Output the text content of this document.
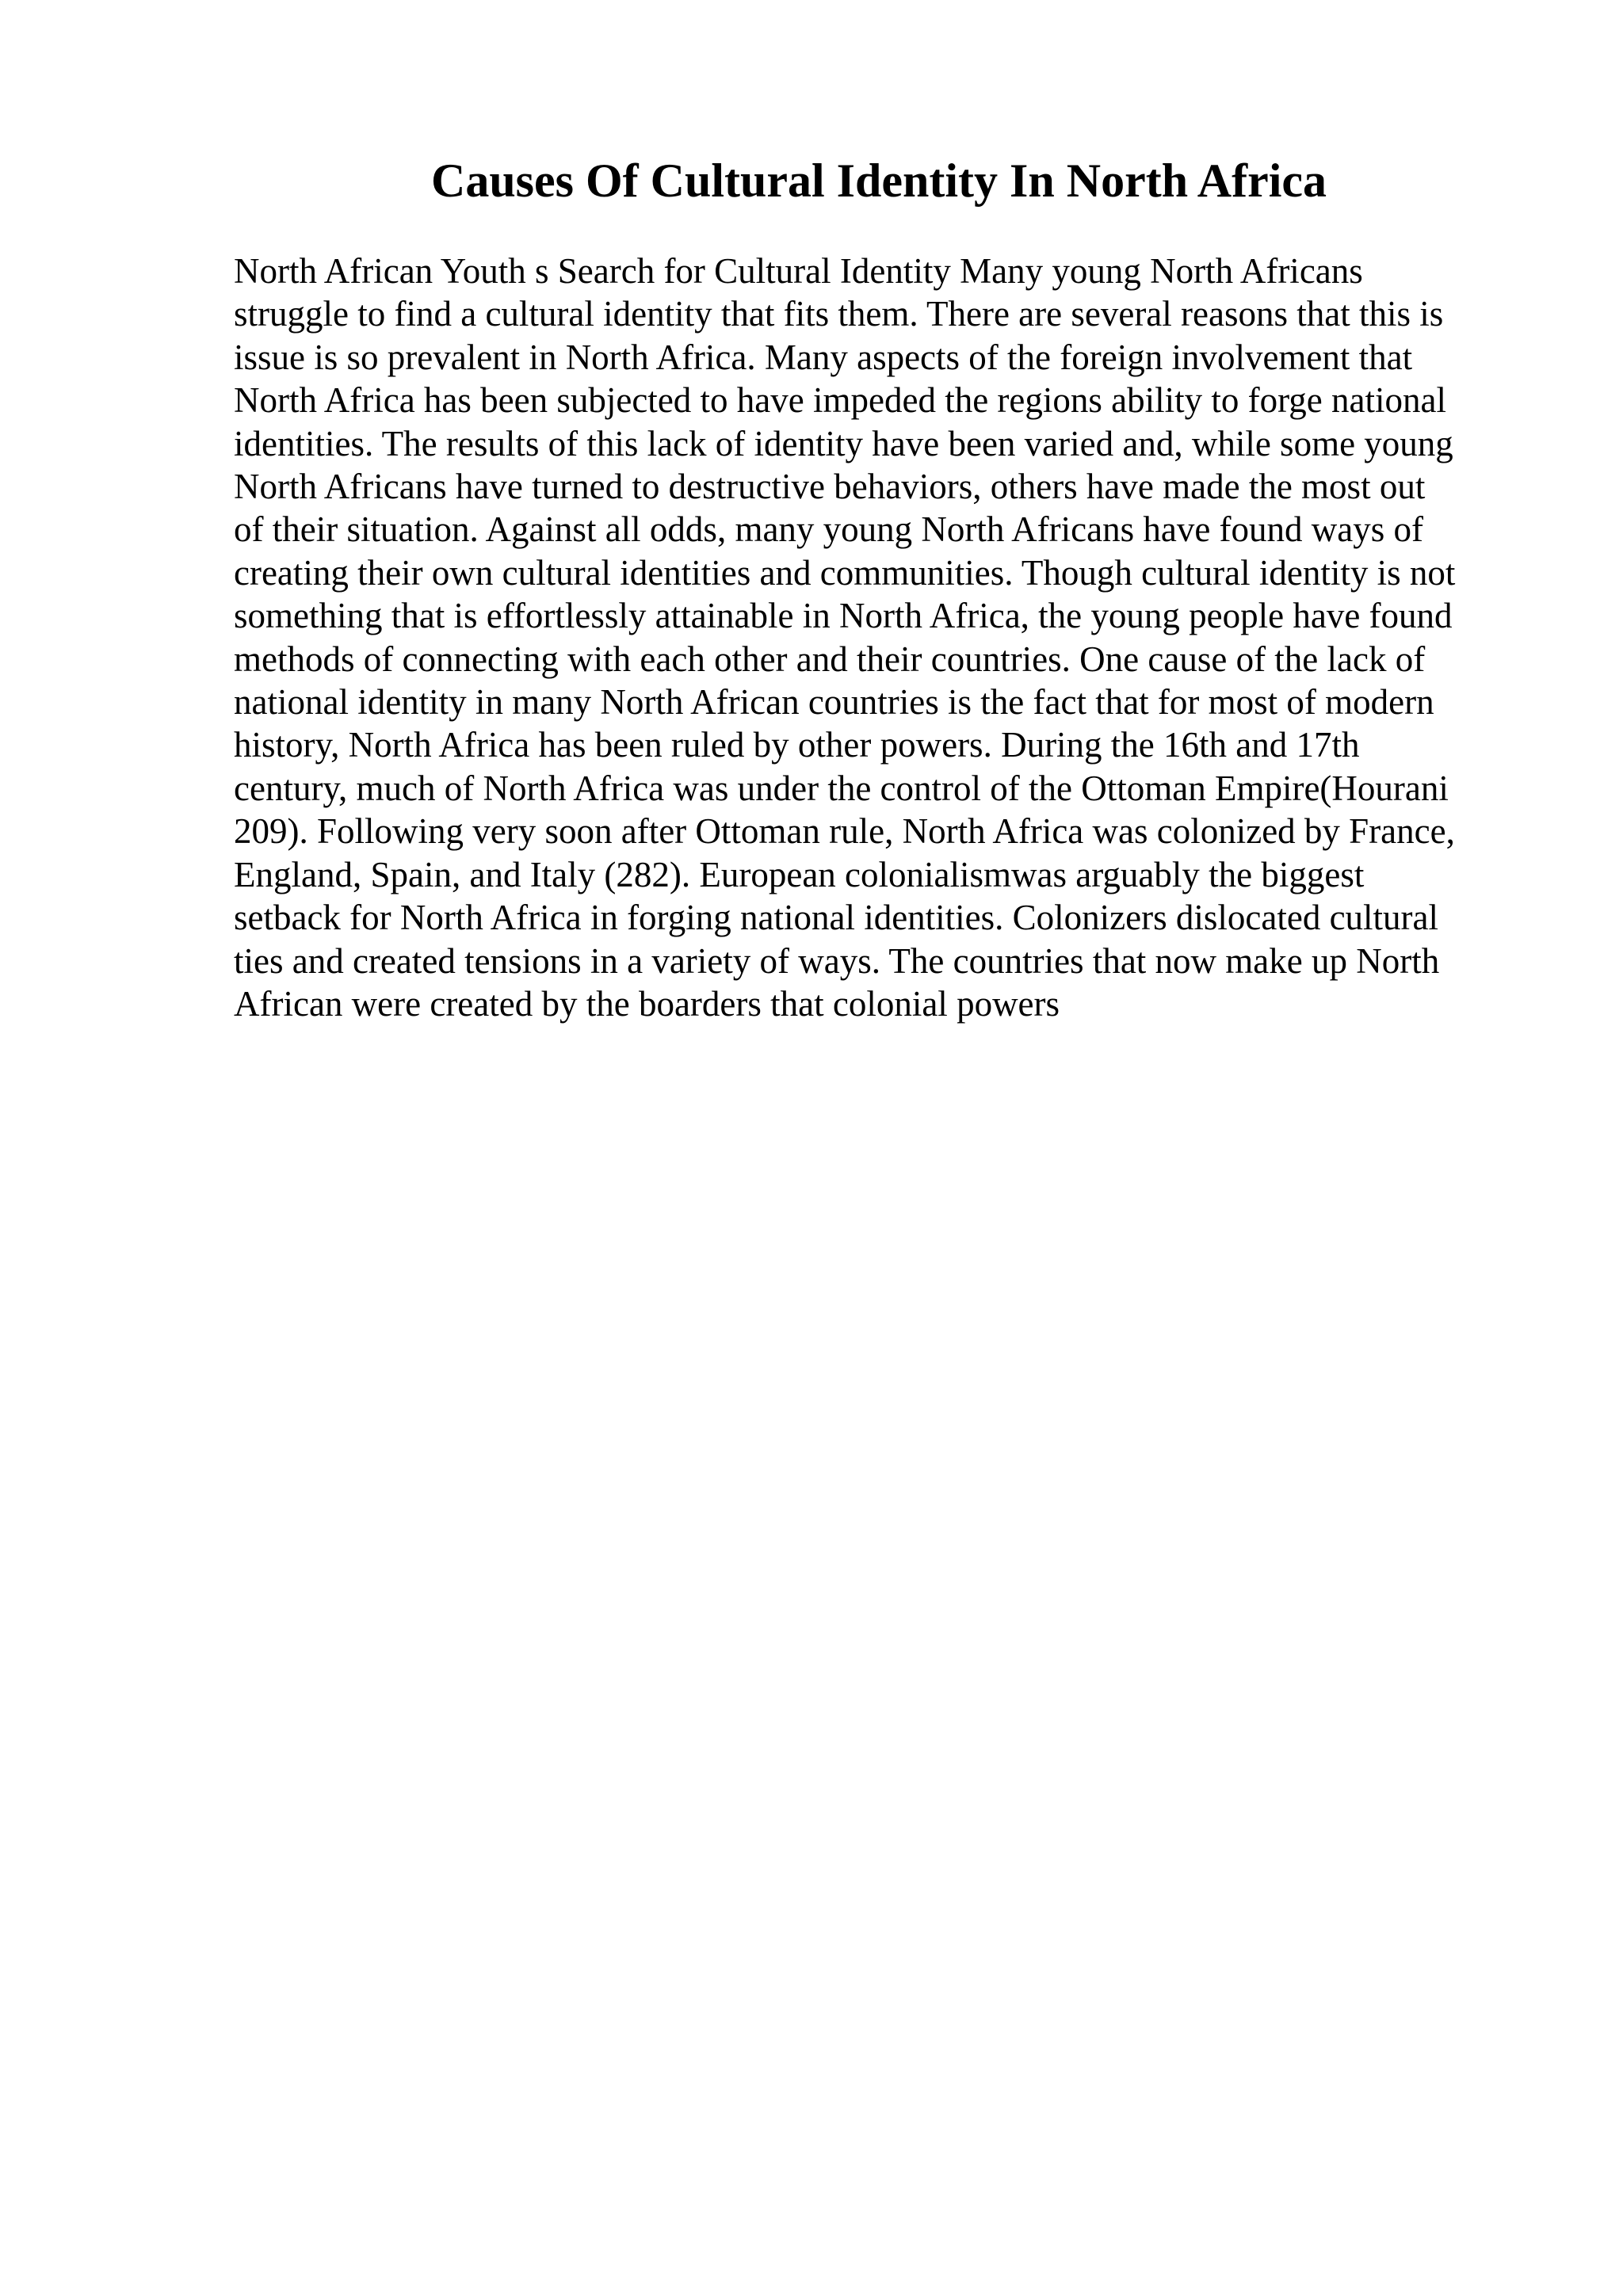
Causes Of Cultural Identity In North Africa
North African Youth s Search for Cultural Identity Many young North Africans
struggle to find a cultural identity that fits them. There are several reasons that this is
issue is so prevalent in North Africa. Many aspects of the foreign involvement that
North Africa has been subjected to have impeded the regions ability to forge national
identities. The results of this lack of identity have been varied and, while some young
North Africans have turned to destructive behaviors, others have made the most out
of their situation. Against all odds, many young North Africans have found ways of
creating their own cultural identities and communities. Though cultural identity is not
something that is effortlessly attainable in North Africa, the young people have found
methods of connecting with each other and their countries. One cause of the lack of
national identity in many North African countries is the fact that for most of modern
history, North Africa has been ruled by other powers. During the 16th and 17th
century, much of North Africa was under the control of the Ottoman Empire(Hourani
209). Following very soon after Ottoman rule, North Africa was colonized by France,
England, Spain, and Italy (282). European colonialismwas arguably the biggest
setback for North Africa in forging national identities. Colonizers dislocated cultural
ties and created tensions in a variety of ways. The countries that now make up North
African were created by the boarders that colonial powers
